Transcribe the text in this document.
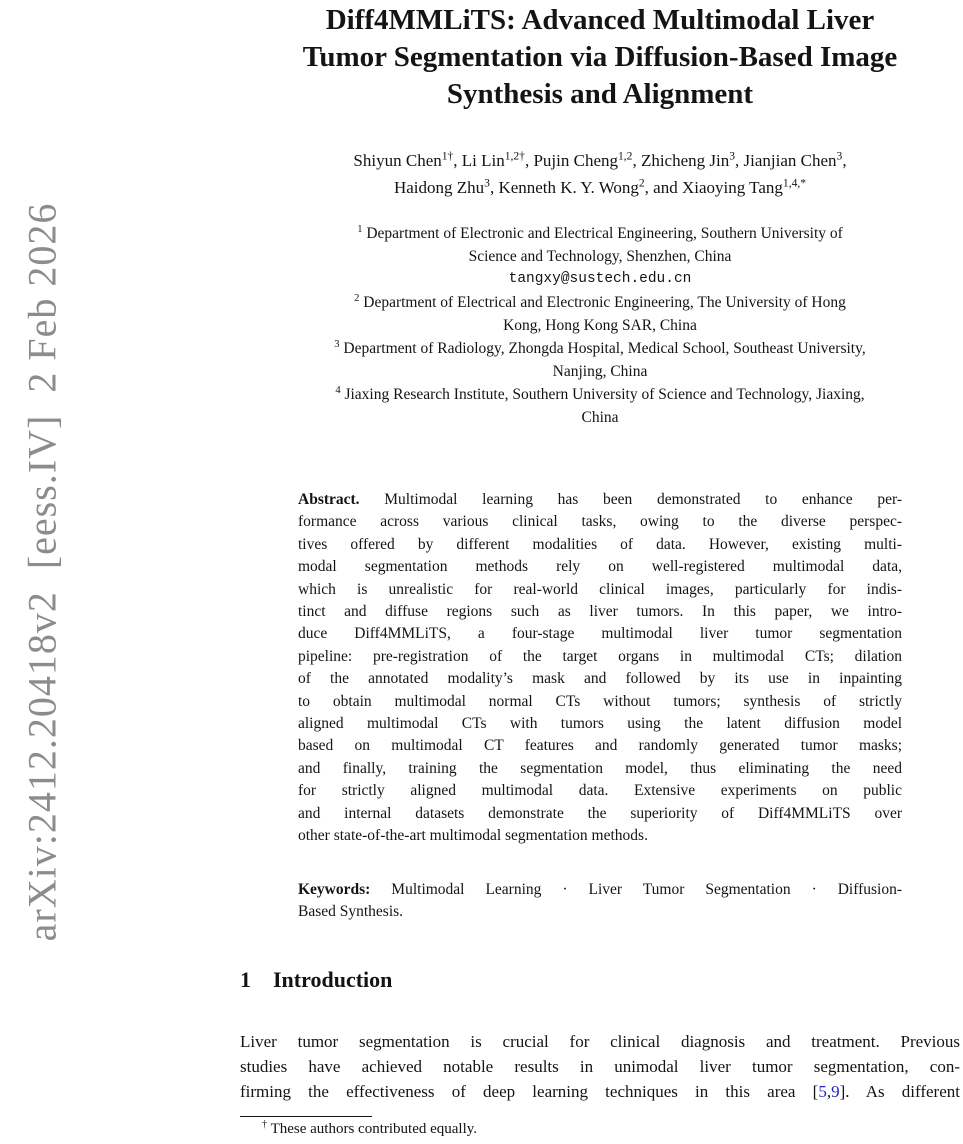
arXiv:2412.20418v2  [eess.IV]  2 Feb 2026
Diff4MMLiTS: Advanced Multimodal Liver
Tumor Segmentation via Diffusion-Based Image
Synthesis and Alignment
Shiyun Chen$^{1\dagger}$, Li Lin$^{1,2\dagger}$, Pujin Cheng$^{1,2}$, Zhicheng Jin$^3$, Jianjian Chen$^3$,
Haidong Zhu$^3$, Kenneth K. Y. Wong$^2$, and Xiaoying Tang$^{1,4,*}$
$^1$ Department of Electronic and Electrical Engineering, Southern University of
Science and Technology, Shenzhen, China
tangxy@sustech.edu.cn
$^2$ Department of Electrical and Electronic Engineering, The University of Hong
Kong, Hong Kong SAR, China
$^3$ Department of Radiology, Zhongda Hospital, Medical School, Southeast University,
Nanjing, China
$^4$ Jiaxing Research Institute, Southern University of Science and Technology, Jiaxing,
China
Abstract. Multimodal learning has been demonstrated to enhance per-
formance across various clinical tasks, owing to the diverse perspec-
tives offered by different modalities of data. However, existing multi-
modal segmentation methods rely on well-registered multimodal data,
which is unrealistic for real-world clinical images, particularly for indis-
tinct and diffuse regions such as liver tumors. In this paper, we intro-
duce Diff4MMLiTS, a four-stage multimodal liver tumor segmentation
pipeline: pre-registration of the target organs in multimodal CTs; dilation
of the annotated modality’s mask and followed by its use in inpainting
to obtain multimodal normal CTs without tumors; synthesis of strictly
aligned multimodal CTs with tumors using the latent diffusion model
based on multimodal CT features and randomly generated tumor masks;
and finally, training the segmentation model, thus eliminating the need
for strictly aligned multimodal data. Extensive experiments on public
and internal datasets demonstrate the superiority of Diff4MMLiTS over
other state-of-the-art multimodal segmentation methods.
Keywords: Multimodal Learning · Liver Tumor Segmentation · Diffusion-
Based Synthesis.
1 Introduction
Liver tumor segmentation is crucial for clinical diagnosis and treatment. Previous
studies have achieved notable results in unimodal liver tumor segmentation, con-
firming the effectiveness of deep learning techniques in this area [5,9]. As different
† These authors contributed equally.
